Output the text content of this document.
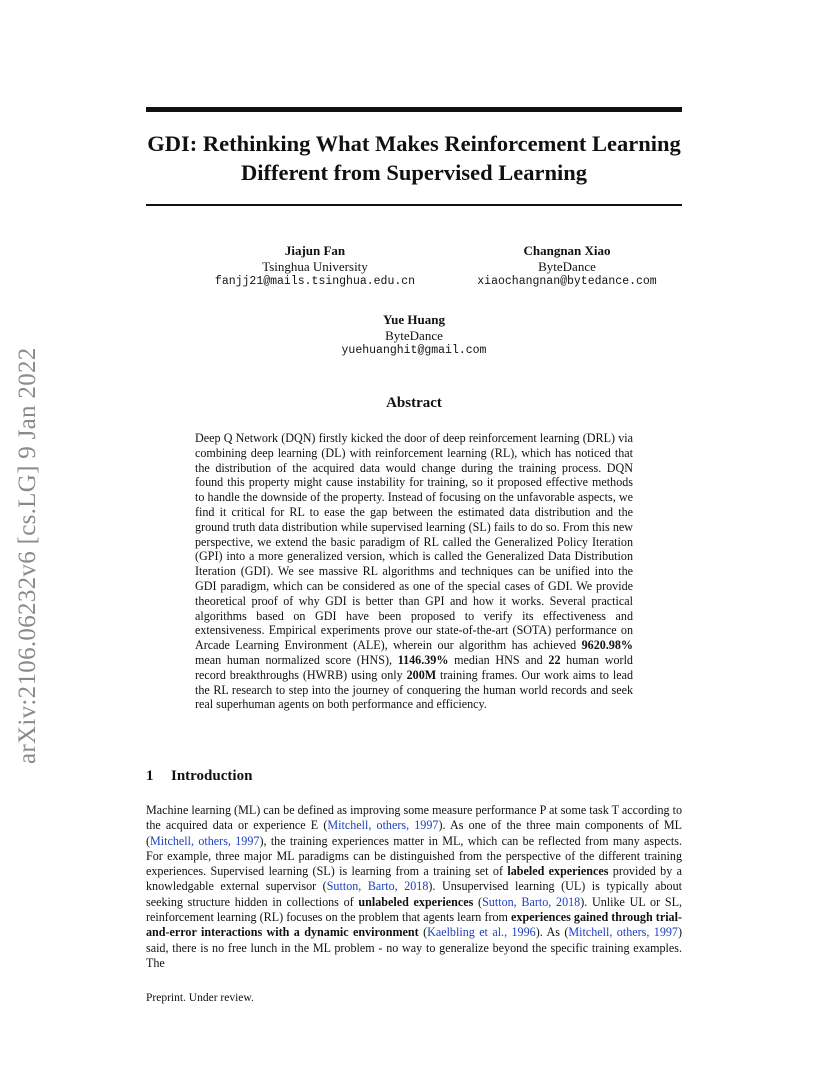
arXiv:2106.06232v6 [cs.LG] 9 Jan 2022
GDI: Rethinking What Makes Reinforcement Learning Different from Supervised Learning
Jiajun Fan
Tsinghua University
fanjj21@mails.tsinghua.edu.cn
Changnan Xiao
ByteDance
xiaochangnan@bytedance.com
Yue Huang
ByteDance
yuehuanghit@gmail.com
Abstract
Deep Q Network (DQN) firstly kicked the door of deep reinforcement learning (DRL) via combining deep learning (DL) with reinforcement learning (RL), which has noticed that the distribution of the acquired data would change during the training process. DQN found this property might cause instability for training, so it proposed effective methods to handle the downside of the property. Instead of focusing on the unfavorable aspects, we find it critical for RL to ease the gap between the estimated data distribution and the ground truth data distribution while supervised learning (SL) fails to do so. From this new perspective, we extend the basic paradigm of RL called the Generalized Policy Iteration (GPI) into a more generalized version, which is called the Generalized Data Distribution Iteration (GDI). We see massive RL algorithms and techniques can be unified into the GDI paradigm, which can be considered as one of the special cases of GDI. We provide theoretical proof of why GDI is better than GPI and how it works. Several practical algorithms based on GDI have been proposed to verify its effectiveness and extensiveness. Empirical experiments prove our state-of-the-art (SOTA) performance on Arcade Learning Environment (ALE), wherein our algorithm has achieved 9620.98% mean human normalized score (HNS), 1146.39% median HNS and 22 human world record breakthroughs (HWRB) using only 200M training frames. Our work aims to lead the RL research to step into the journey of conquering the human world records and seek real superhuman agents on both performance and efficiency.
1 Introduction
Machine learning (ML) can be defined as improving some measure performance P at some task T according to the acquired data or experience E (Mitchell, others, 1997). As one of the three main components of ML (Mitchell, others, 1997), the training experiences matter in ML, which can be reflected from many aspects. For example, three major ML paradigms can be distinguished from the perspective of the different training experiences. Supervised learning (SL) is learning from a training set of labeled experiences provided by a knowledgable external supervisor (Sutton, Barto, 2018). Unsupervised learning (UL) is typically about seeking structure hidden in collections of unlabeled experiences (Sutton, Barto, 2018). Unlike UL or SL, reinforcement learning (RL) focuses on the problem that agents learn from experiences gained through trial-and-error interactions with a dynamic environment (Kaelbling et al., 1996). As (Mitchell, others, 1997) said, there is no free lunch in the ML problem - no way to generalize beyond the specific training examples. The
Preprint. Under review.
